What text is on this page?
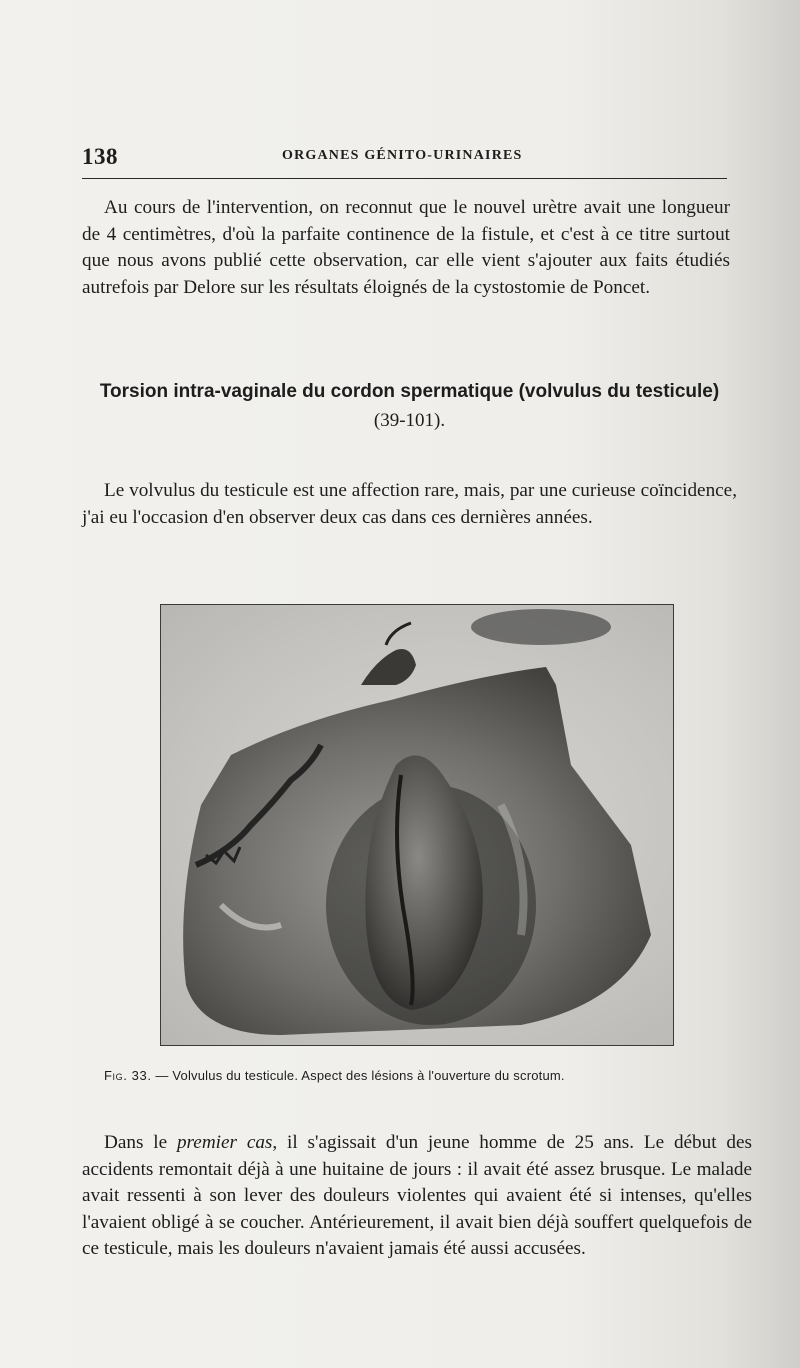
138	ORGANES GÉNITO-URINAIRES

Au cours de l'intervention, on reconnut que le nouvel urètre avait une longueur de 4 centimètres, d'où la parfaite continence de la fistule, et c'est à ce titre surtout que nous avons publié cette observation, car elle vient s'ajouter aux faits étudiés autrefois par Delore sur les résultats éloignés de la cystostomie de Poncet.

Torsion intra-vaginale du cordon spermatique (volvulus du testicule)

(39-101).

Le volvulus du testicule est une affection rare, mais, par une curieuse coïncidence, j'ai eu l'occasion d'en observer deux cas dans ces dernières années.

Fig. 33. — Volvulus du testicule. Aspect des lésions à l'ouverture du scrotum.

Dans le premier cas, il s'agissait d'un jeune homme de 25 ans. Le début des accidents remontait déjà à une huitaine de jours : il avait été assez brusque. Le malade avait ressenti à son lever des douleurs violentes qui avaient été si intenses, qu'elles l'avaient obligé à se coucher. Antérieurement, il avait bien déjà souffert quelquefois de ce testicule, mais les douleurs n'avaient jamais été aussi accusées.
